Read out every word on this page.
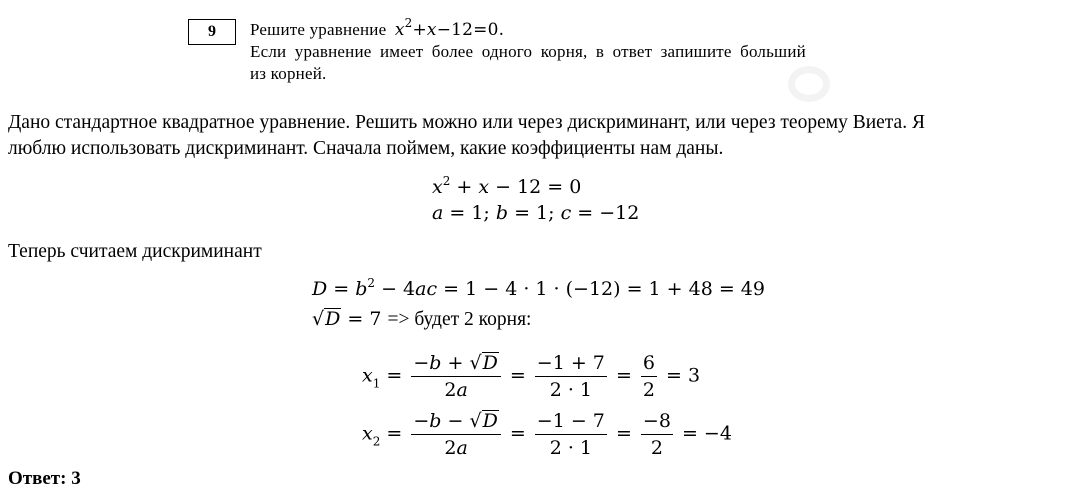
9	Решите уравнение $x^2+x-12=0$.
Если уравнение имеет более одного корня, в ответ запишите больший
из корней.
Дано стандартное квадратное уравнение. Решить можно или через дискриминант, или через теорему Виета. Я
люблю использовать дискриминант. Сначала поймем, какие коэффициенты нам даны.
$x^2 + x - 12 = 0$
a = 1; b = 1; c = −12
Теперь считаем дискриминант
$D = b^2 - 4ac = 1 - 4 \cdot 1 \cdot (-12) = 1 + 48 = 49$
√D = 7 => будет 2 корня:
$x_1 = \frac{-b + √D}{2a} = \frac{-1 + 7}{2 \cdot 1} = \frac{6}{2} = 3$
$x_2 = \frac{-b - √D}{2a} = \frac{-1 - 7}{2 \cdot 1} = \frac{-8}{2} = -4$
Ответ: 3
